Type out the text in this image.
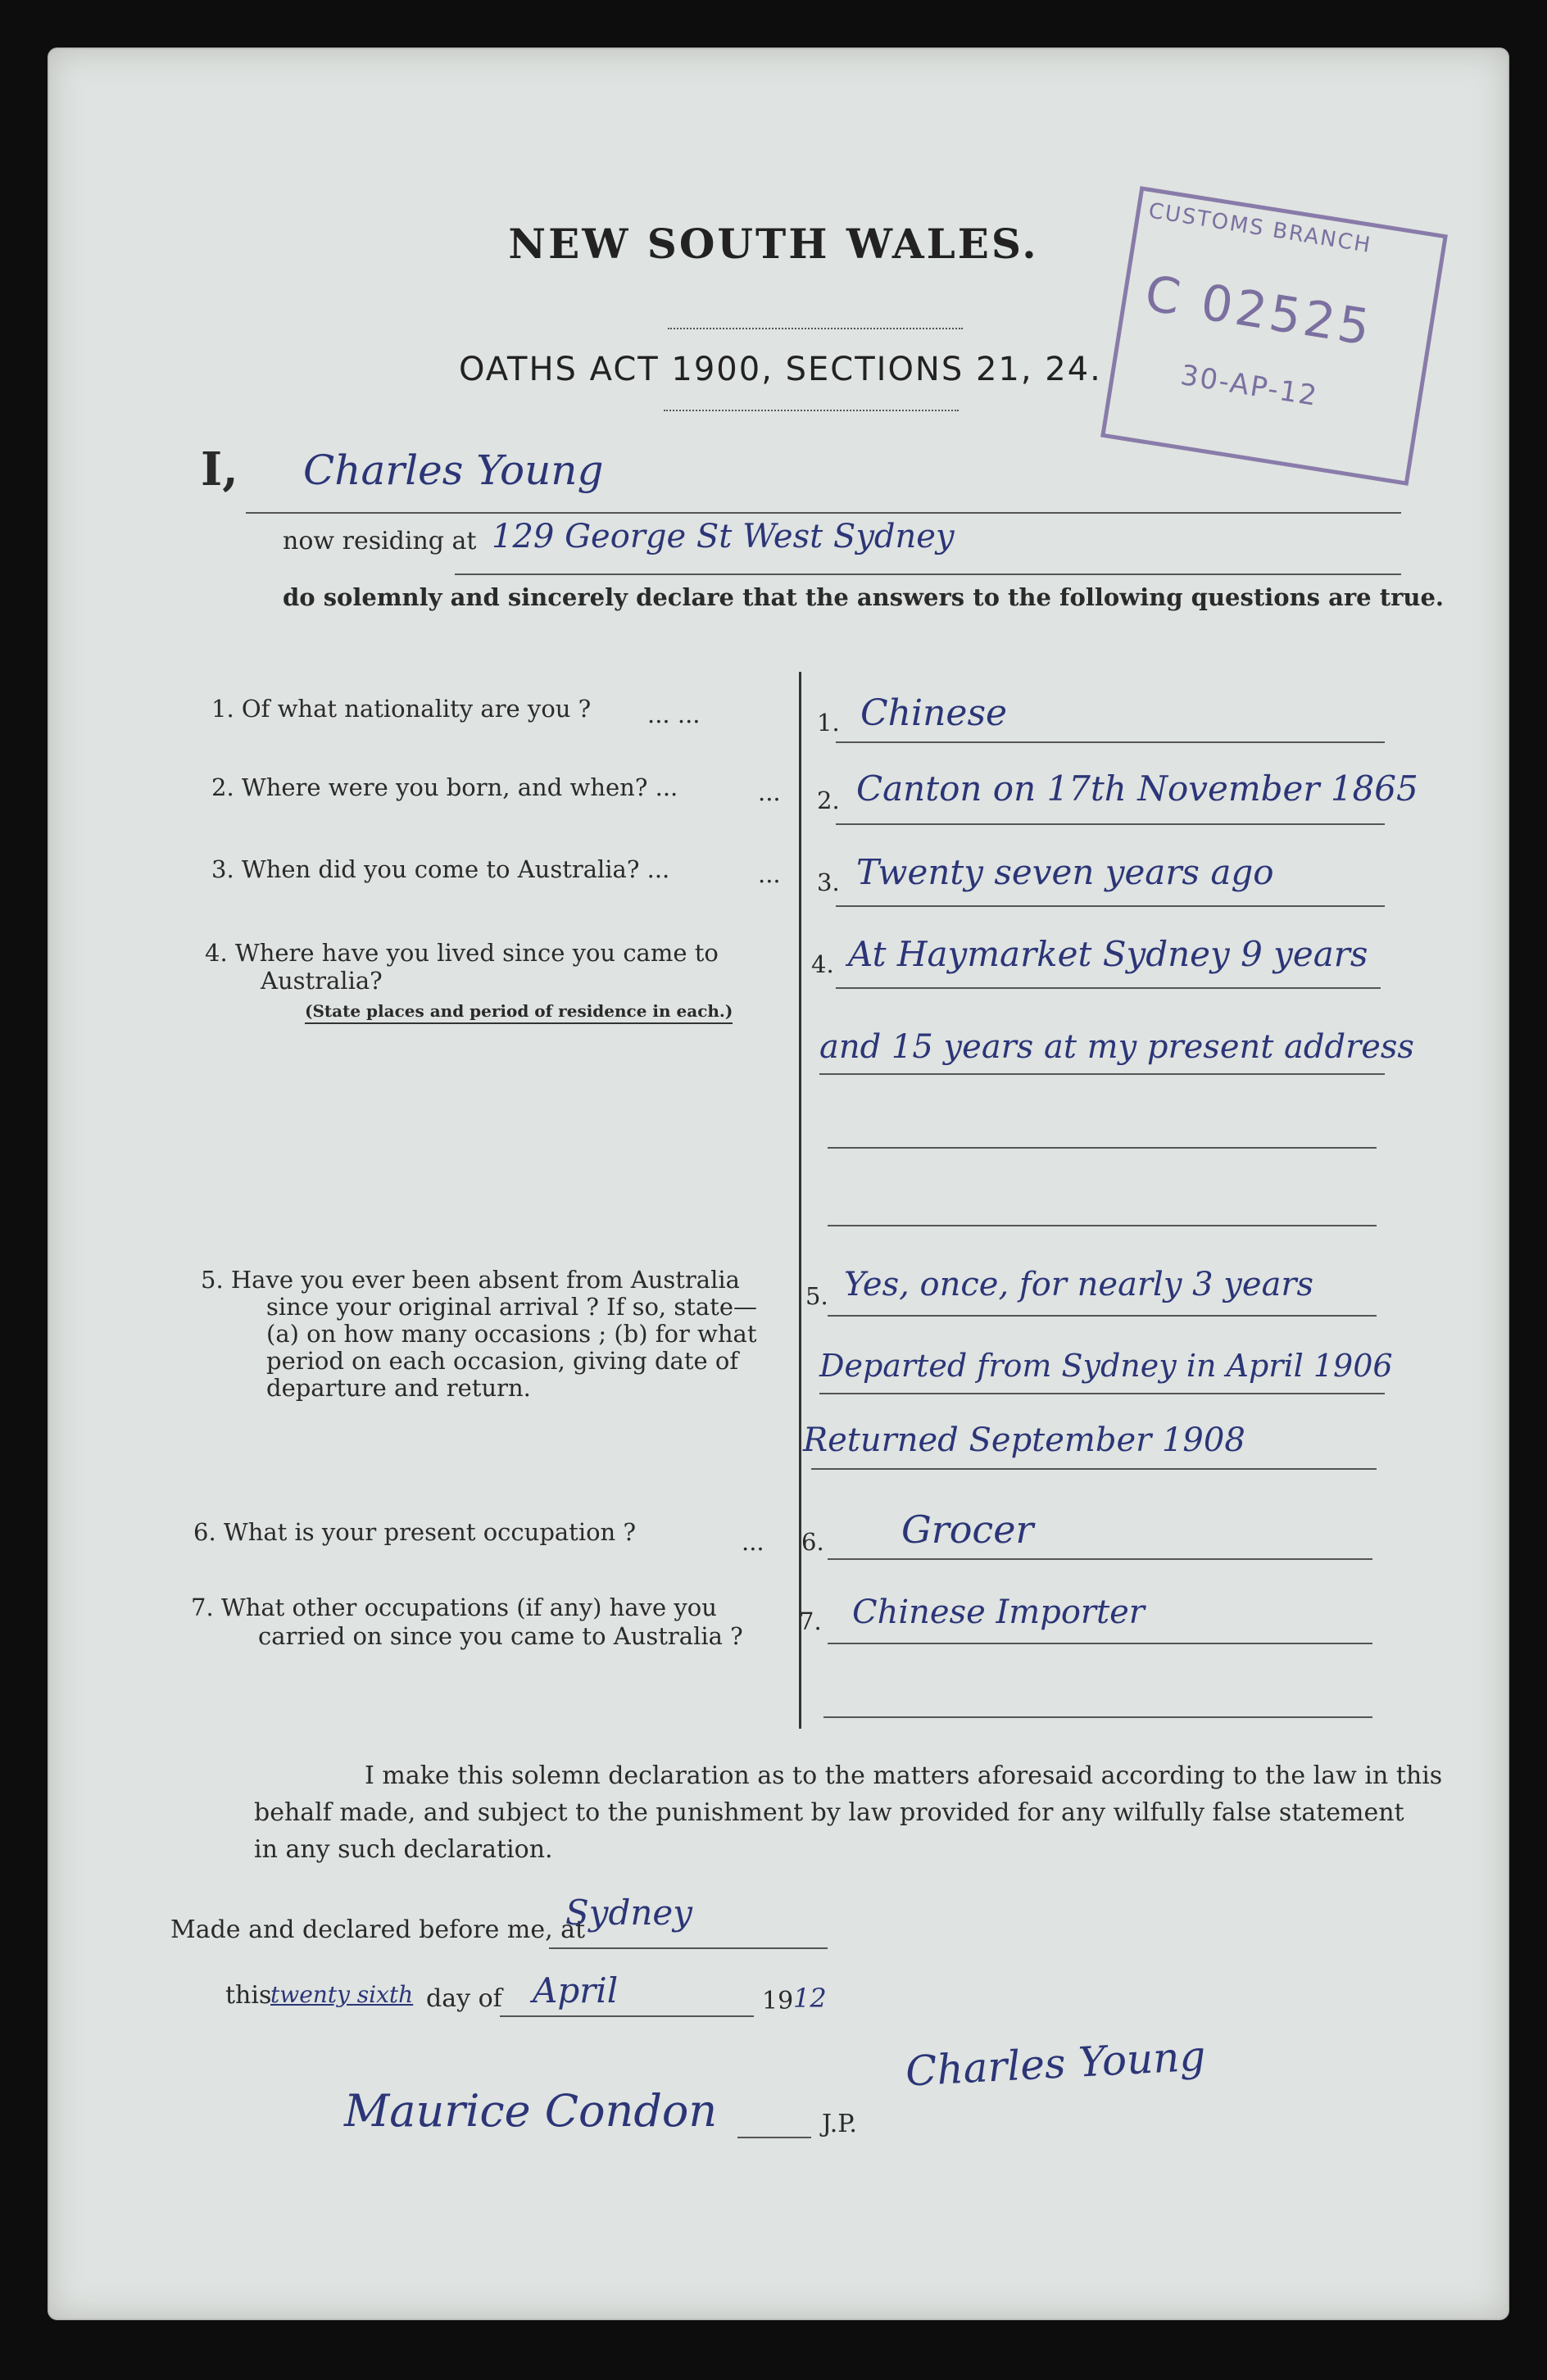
NEW SOUTH WALES.
OATHS ACT 1900, SECTIONS 21, 24.
CUSTOMS BRANCH
C 02525
30-AP-12
I, Charles Young
now residing at 129 George St West Sydney
do solemnly and sincerely declare that the answers to the following questions are true.
1. Of what nationality are you ? ... ...	1. Chinese
2. Where were you born, and when? ...	... 2. Canton on 17th November 1865
3. When did you come to Australia? ...	... 3. Twenty seven years ago
4. Where have you lived since you came to
Australia?
(State places and period of residence in each.)
4. At Haymarket Sydney 9 years
and 15 years at my present address
5. Have you ever been absent from Australia
since your original arrival ? If so, state—
(a) on how many occasions ; (b) for what
period on each occasion, giving date of
departure and return.
5. Yes, once, for nearly 3 years
Departed from Sydney in April 1906
Returned September 1908
6. What is your present occupation ?	... 6. Grocer
7. What other occupations (if any) have you
carried on since you came to Australia ?
7. Chinese Importer
I make this solemn declaration as to the matters aforesaid according to the law in this
behalf made, and subject to the punishment by law provided for any wilfully false statement
in any such declaration.
Made and declared before me, at
Sydney
this
twenty sixth day of April	19 12
Charles Young
Maurice Condon	J.P.
